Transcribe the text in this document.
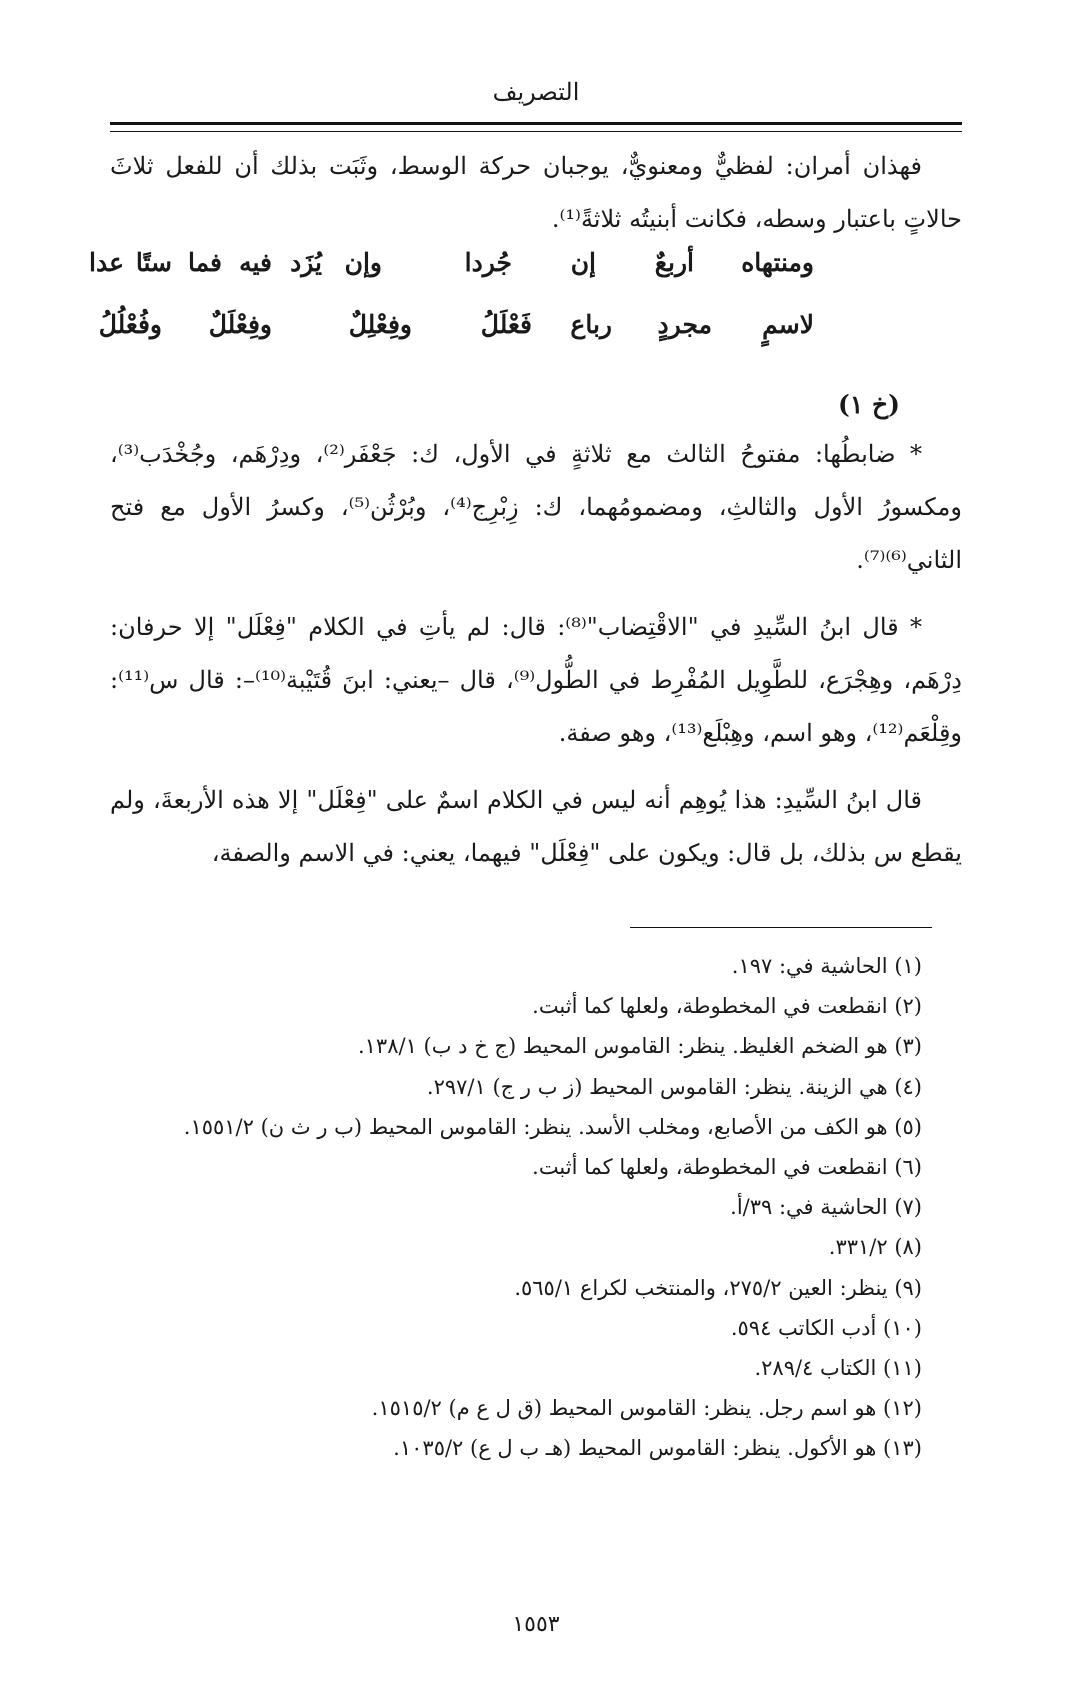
التصريف

فهذان أمران: لفظيٌّ ومعنويٌّ، يوجبان حركة الوسط، وثَبَت بذلك أن للفعل ثلاثَ حالاتٍ باعتبار وسطه، فكانت أبنيتُه ثلاثةً⁽¹⁾.

ومنتهاه
أربعٌ
إن
جُردا
وإن
يُزَد
فيه
فما
ستًا
عدا
لاسمٍ
مجردٍ
رباع
فَعْلَلُ
وفِعْلِلٌ
وفِعْلَلٌ
وفُعْلُلُ
(خ ١)

* ضابطُها: مفتوحُ الثالث مع ثلاثةٍ في الأول، ك: جَعْفَر⁽²⁾، ودِرْهَم، وجُخْدَب⁽³⁾، ومكسورُ الأول والثالثِ، ومضمومُهما، ك: زِبْرِج⁽⁴⁾، وبُرْثُن⁽⁵⁾، وكسرُ الأول مع فتح الثاني⁽⁶⁾⁽⁷⁾.

* قال ابنُ السِّيدِ في "الاقْتِضاب"⁽⁸⁾: قال: لم يأتِ في الكلام "فِعْلَل" إلا حرفان: دِرْهَم، وهِجْرَع، للطَّوِيل المُفْرِط في الطُّول⁽⁹⁾، قال –يعني: ابنَ قُتَيْبة⁽¹⁰⁾–: قال س⁽¹¹⁾: وقِلْعَم⁽¹²⁾، وهو اسم، وهِبْلَع⁽¹³⁾، وهو صفة.

قال ابنُ السِّيدِ: هذا يُوهِم أنه ليس في الكلام اسمٌ على "فِعْلَل" إلا هذه الأربعةَ، ولم يقطع س بذلك، بل قال: ويكون على "فِعْلَل" فيهما، يعني: في الاسم والصفة،

(١) الحاشية في: ١٩٧.
(٢) انقطعت في المخطوطة، ولعلها كما أثبت.
(٣) هو الضخم الغليظ. ينظر: القاموس المحيط (ج خ د ب) ١٣٨/١.
(٤) هي الزينة. ينظر: القاموس المحيط (ز ب ر ج) ٢٩٧/١.
(٥) هو الكف من الأصابع، ومخلب الأسد. ينظر: القاموس المحيط (ب ر ث ن) ١٥٥١/٢.
(٦) انقطعت في المخطوطة، ولعلها كما أثبت.
(٧) الحاشية في: ٣٩/أ.
(٨) ٣٣١/٢.
(٩) ينظر: العين ٢٧٥/٢، والمنتخب لكراع ٥٦٥/١.
(١٠) أدب الكاتب ٥٩٤.
(١١) الكتاب ٢٨٩/٤.
(١٢) هو اسم رجل. ينظر: القاموس المحيط (ق ل ع م) ١٥١٥/٢.
(١٣) هو الأكول. ينظر: القاموس المحيط (هـ ب ل ع) ١٠٣٥/٢.
١٥٥٣
